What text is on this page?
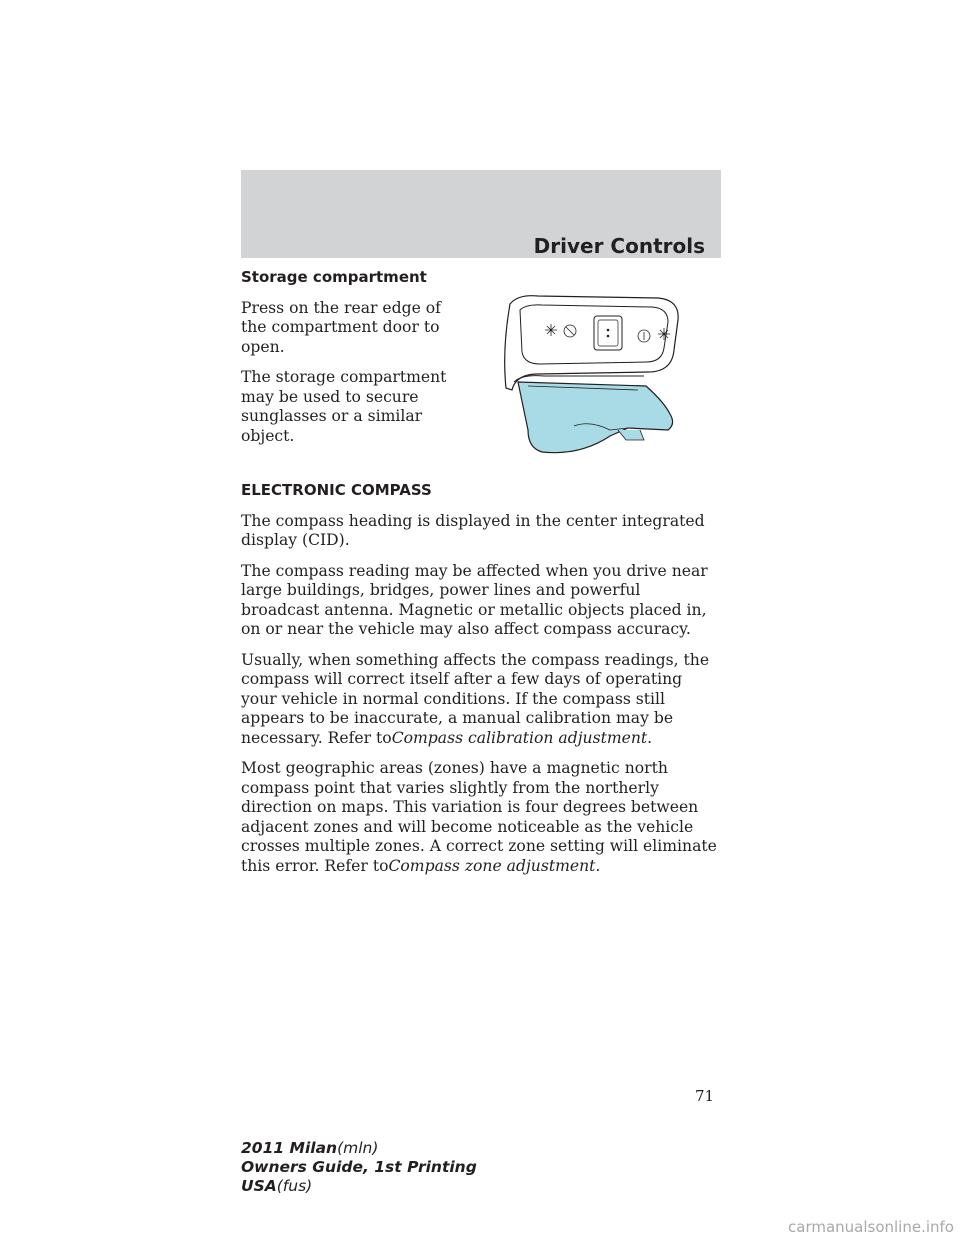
Driver Controls

Storage compartment

Press on the rear edge of the compartment door to open.

The storage compartment may be used to secure sunglasses or a similar object.

ELECTRONIC COMPASS

The compass heading is displayed in the center integrated display (CID).

The compass reading may be affected when you drive near large buildings, bridges, power lines and powerful broadcast antenna. Magnetic or metallic objects placed in, on or near the vehicle may also affect compass accuracy.

Usually, when something affects the compass readings, the compass will correct itself after a few days of operating your vehicle in normal conditions. If the compass still appears to be inaccurate, a manual calibration may be necessary. Refer toCompass calibration adjustment.

Most geographic areas (zones) have a magnetic north compass point that varies slightly from the northerly direction on maps. This variation is four degrees between adjacent zones and will become noticeable as the vehicle crosses multiple zones. A correct zone setting will eliminate this error. Refer toCompass zone adjustment.

71
2011 Milan(mln)
Owners Guide, 1st Printing
USA(fus)
carmanualsonline.info
